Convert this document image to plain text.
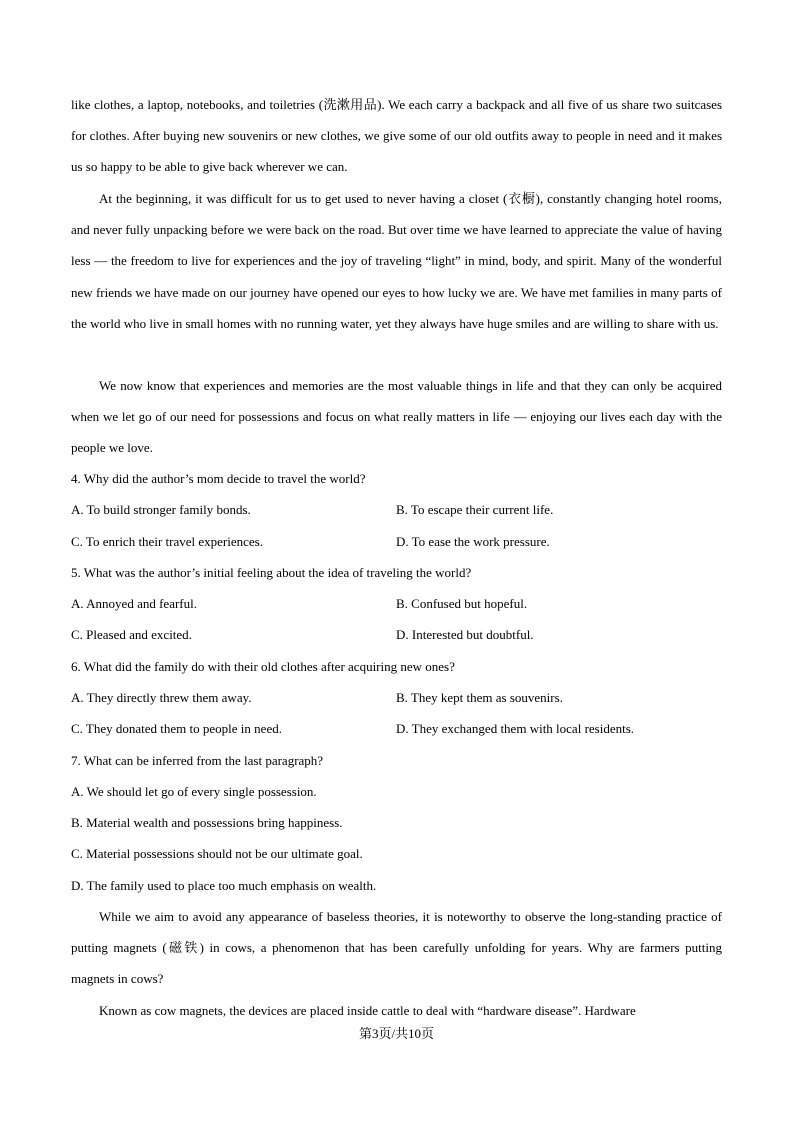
like clothes, a laptop, notebooks, and toiletries (洗漱用品). We each carry a backpack and all five of us share two suitcases for clothes. After buying new souvenirs or new clothes, we give some of our old outfits away to people in need and it makes us so happy to be able to give back wherever we can.

At the beginning, it was difficult for us to get used to never having a closet (衣橱), constantly changing hotel rooms, and never fully unpacking before we were back on the road. But over time we have learned to appreciate the value of having less — the freedom to live for experiences and the joy of traveling “light” in mind, body, and spirit. Many of the wonderful new friends we have made on our journey have opened our eyes to how lucky we are. We have met families in many parts of the world who live in small homes with no running water, yet they always have huge smiles and are willing to share with us.

We now know that experiences and memories are the most valuable things in life and that they can only be acquired when we let go of our need for possessions and focus on what really matters in life — enjoying our lives each day with the people we love.

4. Why did the author’s mom decide to travel the world?

A. To build stronger family bonds.	B. To escape their current life.

C. To enrich their travel experiences.	D. To ease the work pressure.

5. What was the author’s initial feeling about the idea of traveling the world?

A. Annoyed and fearful.	B. Confused but hopeful.

C. Pleased and excited.	D. Interested but doubtful.

6. What did the family do with their old clothes after acquiring new ones?

A. They directly threw them away.	B. They kept them as souvenirs.

C. They donated them to people in need.	D. They exchanged them with local residents.

7. What can be inferred from the last paragraph?

A. We should let go of every single possession.

B. Material wealth and possessions bring happiness.

C. Material possessions should not be our ultimate goal.

D. The family used to place too much emphasis on wealth.

While we aim to avoid any appearance of baseless theories, it is noteworthy to observe the long-standing practice of putting magnets (磁铁) in cows, a phenomenon that has been carefully unfolding for years. Why are farmers putting magnets in cows?

Known as cow magnets, the devices are placed inside cattle to deal with “hardware disease”. Hardware

第3页/共10页
